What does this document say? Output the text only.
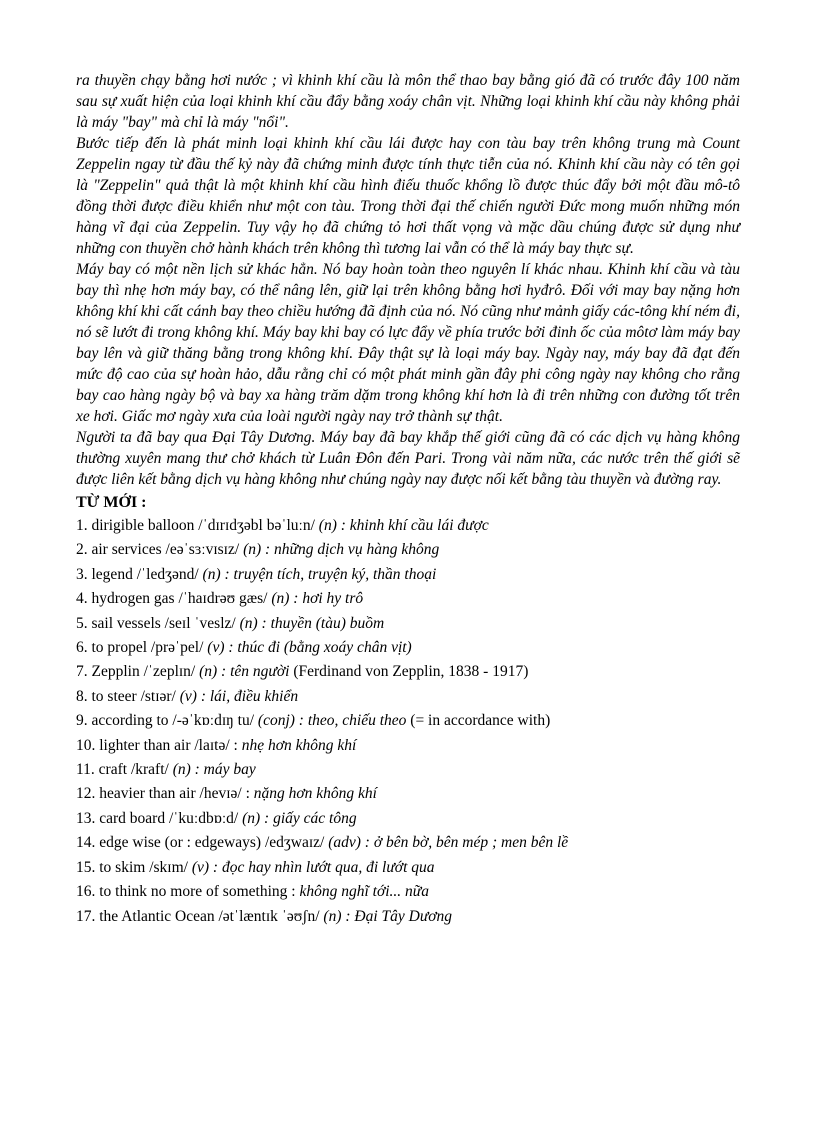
ra thuyền chạy bằng hơi nước ; vì khinh khí cầu là môn thể thao bay bằng gió đã có trước đây 100 năm sau sự xuất hiện của loại khinh khí cầu đẩy bằng xoáy chân vịt. Những loại khinh khí cầu này không phải là máy "bay" mà chỉ là máy "nổi".

Bước tiếp đến là phát minh loại khinh khí cầu lái được hay con tàu bay trên không trung mà Count Zeppelin ngay từ đầu thế kỷ này đã chứng minh được tính thực tiễn của nó. Khinh khí cầu này có tên gọi là "Zeppelin" quả thật là một khinh khí cầu hình điếu thuốc khổng lồ được thúc đẩy bởi một đầu mô-tô đồng thời được điều khiển như một con tàu. Trong thời đại thế chiến người Đức mong muốn những món hàng vĩ đại của Zeppelin. Tuy vậy họ đã chứng tỏ hơi thất vọng và mặc dầu chúng được sử dụng như những con thuyền chở hành khách trên không thì tương lai vẫn có thể là máy bay thực sự.

Máy bay có một nền lịch sử khác hẳn. Nó bay hoàn toàn theo nguyên lí khác nhau. Khinh khí cầu và tàu bay thì nhẹ hơn máy bay, có thể nâng lên, giữ lại trên không bằng hơi hyđrô. Đối với may bay nặng hơn không khí khi cất cánh bay theo chiều hướng đã định của nó. Nó cũng như mảnh giấy các-tông khí ném đi, nó sẽ lướt đi trong không khí. Máy bay khi bay có lực đẩy về phía trước bởi đinh ốc của môtơ làm máy bay bay lên và giữ thăng bằng trong không khí. Đây thật sự là loại máy bay. Ngày nay, máy bay đã đạt đến mức độ cao của sự hoàn hảo, dẫu rằng chỉ có một phát minh gần đây phi công ngày nay không cho rằng bay cao hàng ngày bộ và bay xa hàng trăm dặm trong không khí hơn là đi trên những con đường tốt trên xe hơi. Giấc mơ ngày xưa của loài người ngày nay trở thành sự thật.

Người ta đã bay qua Đại Tây Dương. Máy bay đã bay khắp thế giới cũng đã có các dịch vụ hàng không thường xuyên mang thư chở khách từ Luân Đôn đến Pari. Trong vài năm nữa, các nước trên thế giới sẽ được liên kết bằng dịch vụ hàng không như chúng ngày nay được nối kết bằng tàu thuyền và đường ray.

TỪ MỚI :
1. dirigible balloon /ˈdɪrɪdʒəbl bəˈluːn/ (n) : khinh khí cầu lái được
2. air services /eəˈsɜːvɪsɪz/ (n) : những dịch vụ hàng không
3. legend /ˈledʒənd/ (n) : truyện tích, truyện ký, thần thoại
4. hydrogen gas /ˈhaɪdrəʊ gæs/ (n) : hơi hy trô
5. sail vessels /seɪl ˈveslz/ (n) : thuyền (tàu) buồm
6. to propel /prəˈpel/ (v) : thúc đi (bằng xoáy chân vịt)
7. Zepplin /ˈzeplɪn/ (n) : tên người (Ferdinand von Zepplin, 1838 - 1917)
8. to steer /stɪər/ (v) : lái, điều khiển
9. according to /-əˈkɒːdɪŋ tu/ (conj) : theo, chiếu theo (= in accordance with)
10. lighter than air /laɪtə/ : nhẹ hơn không khí
11. craft /kraft/ (n) : máy bay
12. heavier than air /hevɪə/ : nặng hơn không khí
13. card board /ˈkuːdbɒːd/ (n) : giấy các tông
14. edge wise (or : edgeways) /edʒwaɪz/ (adv) : ở bên bờ, bên mép ; men bên lề
15. to skim /skɪm/ (v) : đọc hay nhìn lướt qua, đi lướt qua
16. to think no more of something : không nghĩ tới... nữa
17. the Atlantic Ocean /ətˈlæntɪk ˈəʊʃn/ (n) : Đại Tây Dương
